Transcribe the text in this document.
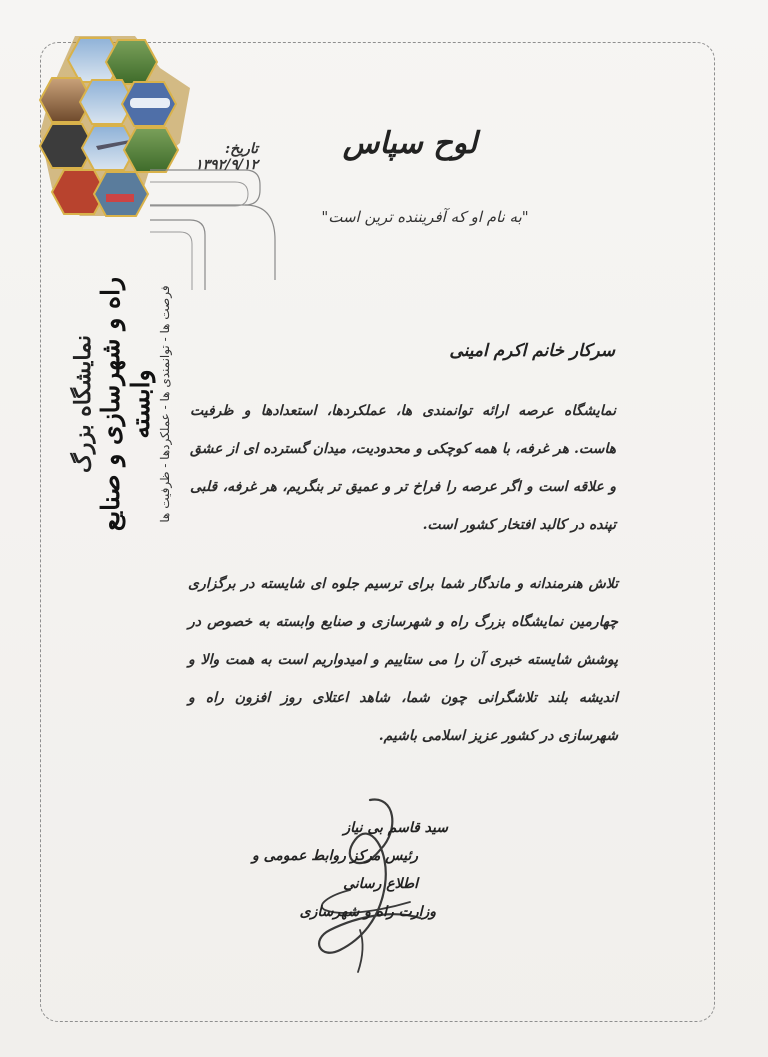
نمایشگاه بزرگ راه و شهرسازی و صنایع وابسته فرصت ها - توانمندی ها - عملکردها - ظرفیت ها
تاریخ: ۱۳۹۲/۹/۱۲
لوح سپاس
"به نام او که آفریننده ترین است"
سرکار خانم اکرم امینی
نمایشگاه عرصه ارائه توانمندی ها، عملکردها، استعدادها و ظرفیت هاست. هر غرفه، با همه کوچکی و محدودیت، میدان گسترده ای از عشق و علاقه است و اگر عرصه را فراخ تر و عمیق تر بنگریم، هر غرفه، قلبی تپنده در کالبد افتخار کشور است.
تلاش هنرمندانه و ماندگار شما برای ترسیم جلوه ای شایسته در برگزاری چهارمین نمایشگاه بزرگ راه و شهرسازی و صنایع وابسته به خصوص در پوشش شایسته خبری آن را می ستاییم و امیدواریم است به همت والا و اندیشه بلند تلاشگرانی چون شما، شاهد اعتلای روز افزون راه و شهرسازی در کشور عزیز اسلامی باشیم.
سید قاسم بی نیاز
رئیس مرکز روابط عمومی و اطلاع رسانی
وزارت راه و شهرسازی
